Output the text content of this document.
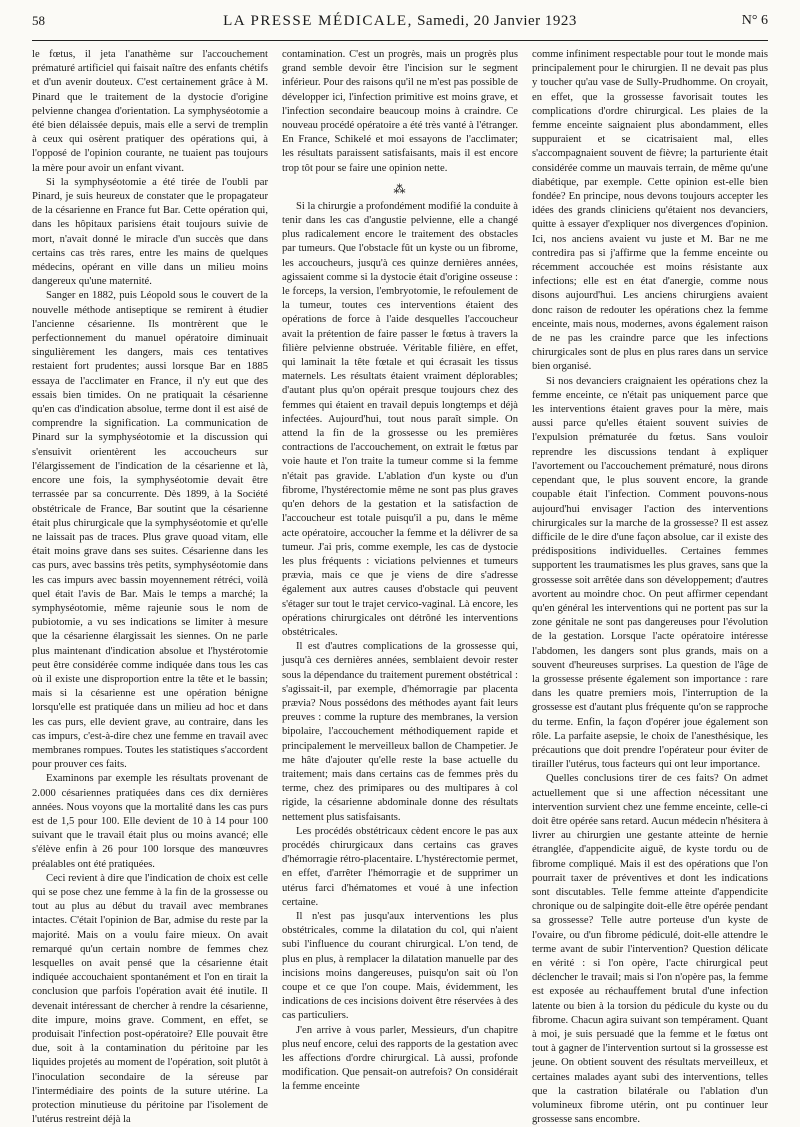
58	LA PRESSE MÉDICALE, Samedi, 20 Janvier 1923	N° 6

le fœtus, il jeta l'anathème sur l'accouchement prématuré artificiel qui faisait naître des enfants chétifs et d'un avenir douteux. C'est certainement grâce à M. Pinard que le traitement de la dystocie d'origine pelvienne changea d'orientation. La symphyséotomie a été bien délaissée depuis, mais elle a servi de tremplin à ceux qui osèrent pratiquer des opérations qui, à l'opposé de l'opinion courante, ne tuaient pas toujours la mère pour avoir un enfant vivant.

Si la symphyséotomie a été tirée de l'oubli par Pinard, je suis heureux de constater que le propagateur de la césarienne en France fut Bar. Cette opération qui, dans les hôpitaux parisiens était toujours suivie de mort, n'avait donné le miracle d'un succès que dans certains cas très rares, entre les mains de quelques médecins, opérant en ville dans un milieu moins dangereux qu'une maternité.

Sanger en 1882, puis Léopold sous le couvert de la nouvelle méthode antiseptique se remirent à étudier l'ancienne césarienne. Ils montrèrent que le perfectionnement du manuel opératoire diminuait singulièrement les dangers, mais ces tentatives restaient fort prudentes; aussi lorsque Bar en 1885 essaya de l'acclimater en France, il n'y eut que des essais bien timides. On ne pratiquait la césarienne qu'en cas d'indication absolue, terme dont il est aisé de comprendre la signification. La communication de Pinard sur la symphyséotomie et la discussion qui s'ensuivit orientèrent les accoucheurs sur l'élargissement de l'indication de la césarienne et là, encore une fois, la symphyséotomie devait être terrassée par sa concurrente. Dès 1899, à la Société obstétricale de France, Bar soutint que la césarienne était plus chirurgicale que la symphyséotomie et qu'elle ne laissait pas de traces. Plus grave quoad vitam, elle était moins grave dans ses suites. Césarienne dans les cas purs, avec bassins très petits, symphyséotomie dans les cas impurs avec bassin moyennement rétréci, voilà quel était l'avis de Bar. Mais le temps a marché; la symphyséotomie, même rajeunie sous le nom de pubiotomie, a vu ses indications se limiter à mesure que la césarienne élargissait les siennes. On ne parle plus maintenant d'indication absolue et l'hystérotomie peut être considérée comme indiquée dans tous les cas où il existe une disproportion entre la tête et le bassin; mais si la césarienne est une opération bénigne lorsqu'elle est pratiquée dans un milieu ad hoc et dans les cas purs, elle devient grave, au contraire, dans les cas impurs, c'est-à-dire chez une femme en travail avec membranes rompues. Toutes les statistiques s'accordent pour prouver ces faits.

Examinons par exemple les résultats provenant de 2.000 césariennes pratiquées dans ces dix dernières années. Nous voyons que la mortalité dans les cas purs est de 1,5 pour 100. Elle devient de 10 à 14 pour 100 suivant que le travail était plus ou moins avancé; elle s'élève enfin à 26 pour 100 lorsque des manœuvres préalables ont été pratiquées.

Ceci revient à dire que l'indication de choix est celle qui se pose chez une femme à la fin de la grossesse ou tout au plus au début du travail avec membranes intactes. C'était l'opinion de Bar, admise du reste par la majorité. Mais on a voulu faire mieux. On avait remarqué qu'un certain nombre de femmes chez lesquelles on avait pensé que la césarienne était indiquée accouchaient spontanément et l'on en tirait la conclusion que parfois l'opération avait été inutile. Il devenait intéressant de chercher à rendre la césarienne, dite impure, moins grave. Comment, en effet, se produisait l'infection post-opératoire? Elle pouvait être due, soit à la contamination du péritoine par les liquides projetés au moment de l'opération, soit plutôt à l'inoculation secondaire de la séreuse par l'intermédiaire des points de la suture utérine. La protection minutieuse du péritoine par l'isolement de l'utérus restreint déjà la

contamination. C'est un progrès, mais un progrès plus grand semble devoir être l'incision sur le segment inférieur. Pour des raisons qu'il ne m'est pas possible de développer ici, l'infection primitive est moins grave, et l'infection secondaire beaucoup moins à craindre. Ce nouveau procédé opératoire a été très vanté à l'étranger. En France, Schikelé et moi essayons de l'acclimater; les résultats paraissent satisfaisants, mais il est encore trop tôt pour se faire une opinion nette.

⁂

Si la chirurgie a profondément modifié la conduite à tenir dans les cas d'angustie pelvienne, elle a changé plus radicalement encore le traitement des obstacles par tumeurs. Que l'obstacle fût un kyste ou un fibrome, les accoucheurs, jusqu'à ces quinze dernières années, agissaient comme si la dystocie était d'origine osseuse : le forceps, la version, l'embryotomie, le refoulement de la tumeur, toutes ces interventions étaient des opérations de force à l'aide desquelles l'accoucheur avait la prétention de faire passer le fœtus à travers la filière pelvienne obstruée. Véritable filière, en effet, qui laminait la tête fœtale et qui écrasait les tissus maternels. Les résultats étaient vraiment déplorables; d'autant plus qu'on opérait presque toujours chez des femmes qui étaient en travail depuis longtemps et déjà infectées. Aujourd'hui, tout nous paraît simple. On attend la fin de la grossesse ou les premières contractions de l'accouchement, on extrait le fœtus par voie haute et l'on traite la tumeur comme si la femme n'était pas gravide. L'ablation d'un kyste ou d'un fibrome, l'hystérectomie même ne sont pas plus graves qu'en dehors de la gestation et la satisfaction de l'accoucheur est totale puisqu'il a pu, dans le même acte opératoire, accoucher la femme et la délivrer de sa tumeur. J'ai pris, comme exemple, les cas de dystocie les plus fréquents : viciations pelviennes et tumeurs prævia, mais ce que je viens de dire s'adresse également aux autres causes d'obstacle qui peuvent s'étager sur tout le trajet cervico-vaginal. Là encore, les opérations chirurgicales ont détrôné les interventions obstétricales.

Il est d'autres complications de la grossesse qui, jusqu'à ces dernières années, semblaient devoir rester sous la dépendance du traitement purement obstétrical : s'agissait-il, par exemple, d'hémorragie par placenta prævia? Nous possédons des méthodes ayant fait leurs preuves : comme la rupture des membranes, la version bipolaire, l'accouchement méthodiquement rapide et principalement le merveilleux ballon de Champetier. Je me hâte d'ajouter qu'elle reste la base actuelle du traitement; mais dans certains cas de femmes près du terme, chez des primipares ou des multipares à col rigide, la césarienne abdominale donne des résultats nettement plus satisfaisants.

Les procédés obstétricaux cèdent encore le pas aux procédés chirurgicaux dans certains cas graves d'hémorragie rétro-placentaire. L'hystérectomie permet, en effet, d'arrêter l'hémorragie et de supprimer un utérus farci d'hématomes et voué à une infection certaine.

Il n'est pas jusqu'aux interventions les plus obstétricales, comme la dilatation du col, qui n'aient subi l'influence du courant chirurgical. L'on tend, de plus en plus, à remplacer la dilatation manuelle par des incisions moins dangereuses, puisqu'on sait où l'on coupe et ce que l'on coupe. Mais, évidemment, les indications de ces incisions doivent être réservées à des cas particuliers.

J'en arrive à vous parler, Messieurs, d'un chapitre plus neuf encore, celui des rapports de la gestation avec les affections d'ordre chirurgical. Là aussi, profonde modification. Que pensait-on autrefois? On considérait la femme enceinte

comme infiniment respectable pour tout le monde mais principalement pour le chirurgien. Il ne devait pas plus y toucher qu'au vase de Sully-Prudhomme. On croyait, en effet, que la grossesse favorisait toutes les complications d'ordre chirurgical. Les plaies de la femme enceinte saignaient plus abondamment, elles suppuraient et se cicatrisaient mal, elles s'accompagnaient souvent de fièvre; la parturiente était considérée comme un mauvais terrain, de même qu'une diabétique, par exemple. Cette opinion est-elle bien fondée? En principe, nous devons toujours accepter les idées des grands cliniciens qu'étaient nos devanciers, quitte à essayer d'expliquer nos divergences d'opinion. Ici, nos anciens avaient vu juste et M. Bar ne me contredira pas si j'affirme que la femme enceinte ou récemment accouchée est moins résistante aux infections; elle est en état d'anergie, comme nous disons aujourd'hui. Les anciens chirurgiens avaient donc raison de redouter les opérations chez la femme enceinte, mais nous, modernes, avons également raison de ne pas les craindre parce que les infections chirurgicales sont de plus en plus rares dans un service bien organisé.

Si nos devanciers craignaient les opérations chez la femme enceinte, ce n'était pas uniquement parce que les interventions étaient graves pour la mère, mais aussi parce qu'elles étaient souvent suivies de l'expulsion prématurée du fœtus. Sans vouloir reprendre les discussions tendant à expliquer l'avortement ou l'accouchement prématuré, nous dirons cependant que, le plus souvent encore, la grande coupable était l'infection. Comment pouvons-nous aujourd'hui envisager l'action des interventions chirurgicales sur la marche de la grossesse? Il est assez difficile de le dire d'une façon absolue, car il existe des prédispositions individuelles. Certaines femmes supportent les traumatismes les plus graves, sans que la grossesse soit arrêtée dans son développement; d'autres avortent au moindre choc. On peut affirmer cependant qu'en général les interventions qui ne portent pas sur la zone génitale ne sont pas dangereuses pour l'évolution de la gestation. Lorsque l'acte opératoire intéresse l'abdomen, les dangers sont plus grands, mais on a souvent d'heureuses surprises. La question de l'âge de la grossesse présente également son importance : rare dans les quatre premiers mois, l'interruption de la grossesse est d'autant plus fréquente qu'on se rapproche du terme. Enfin, la façon d'opérer joue également son rôle. La parfaite asepsie, le choix de l'anesthésique, les précautions que doit prendre l'opérateur pour éviter de tirailler l'utérus, tous facteurs qui ont leur importance.

Quelles conclusions tirer de ces faits? On admet actuellement que si une affection nécessitant une intervention survient chez une femme enceinte, celle-ci doit être opérée sans retard. Aucun médecin n'hésitera à livrer au chirurgien une gestante atteinte de hernie étranglée, d'appendicite aiguë, de kyste tordu ou de fibrome compliqué. Mais il est des opérations que l'on pourrait taxer de préventives et dont les indications sont discutables. Telle femme atteinte d'appendicite chronique ou de salpingite doit-elle être opérée pendant sa grossesse? Telle autre porteuse d'un kyste de l'ovaire, ou d'un fibrome pédiculé, doit-elle attendre le terme avant de subir l'intervention? Question délicate en vérité : si l'on opère, l'acte chirurgical peut déclencher le travail; mais si l'on n'opère pas, la femme est exposée au réchauffement brutal d'une infection latente ou bien à la torsion du pédicule du kyste ou du fibrome. Chacun agira suivant son tempérament. Quant à moi, je suis persuadé que la femme et le fœtus ont tout à gagner de l'intervention surtout si la grossesse est jeune. On obtient souvent des résultats merveilleux, et certaines malades ayant subi des interventions, telles que la castration bilatérale ou l'ablation d'un volumineux fibrome utérin, ont pu continuer leur grossesse sans encombre.
